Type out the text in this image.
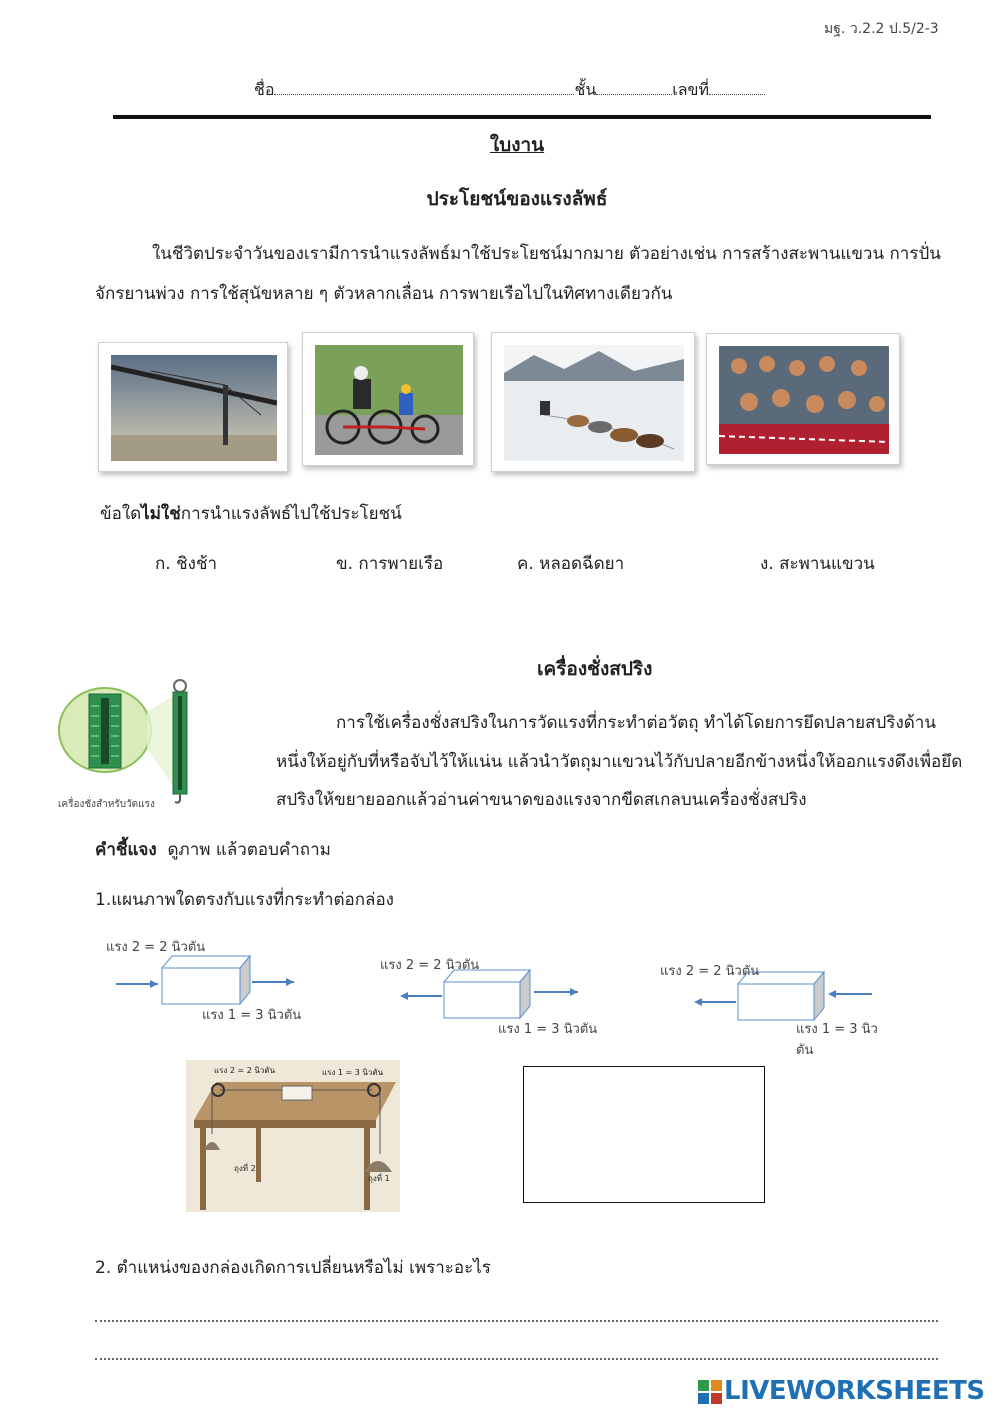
มฐ. ว.2.2 ป.5/2-3
ชื่อ	ชั้น	เลขที่
ใบงาน
ประโยชน์ของแรงลัพธ์
ในชีวิตประจำวันของเรามีการนำแรงลัพธ์มาใช้ประโยชน์มากมาย ตัวอย่างเช่น การสร้างสะพานแขวน การปั่น
จักรยานพ่วง การใช้สุนัขหลาย ๆ ตัวหลากเลื่อน การพายเรือไปในทิศทางเดียวกัน
ข้อใดไม่ใช่การนำแรงลัพธ์ไปใช้ประโยชน์
ก. ชิงช้า	ข. การพายเรือ	ค. หลอดฉีดยา	ง. สะพานแขวน
เครื่องชั่งสปริง
เครื่องชั่งสำหรับวัดแรง
การใช้เครื่องชั่งสปริงในการวัดแรงที่กระทำต่อวัตถุ ทำได้โดยการยึดปลายสปริงด้าน
หนึ่งให้อยู่กับที่หรือจับไว้ให้แน่น แล้วนำวัตถุมาแขวนไว้กับปลายอีกข้างหนึ่งให้ออกแรงดึงเพื่อยึด
สปริงให้ขยายออกแล้วอ่านค่าขนาดของแรงจากขีดสเกลบนเครื่องชั่งสปริง
คำชี้แจง ดูภาพ แล้วตอบคำถาม
1.แผนภาพใดตรงกับแรงที่กระทำต่อกล่อง
แรง 2 = 2 นิวตัน
แรง 1 = 3 นิวตัน
แรง 2 = 2 นิวตัน
แรง 1 = 3 นิวตัน
แรง 2 = 2 นิวตัน
แรง 1 = 3 นิวตัน
แรง 2 = 2 นิวตัน	แรง 1 = 3 นิวตัน
ถุงที่ 2
ถุงที่ 1
2. ตำแหน่งของกล่องเกิดการเปลี่ยนหรือไม่ เพราะอะไร
LIVEWORKSHEETS
